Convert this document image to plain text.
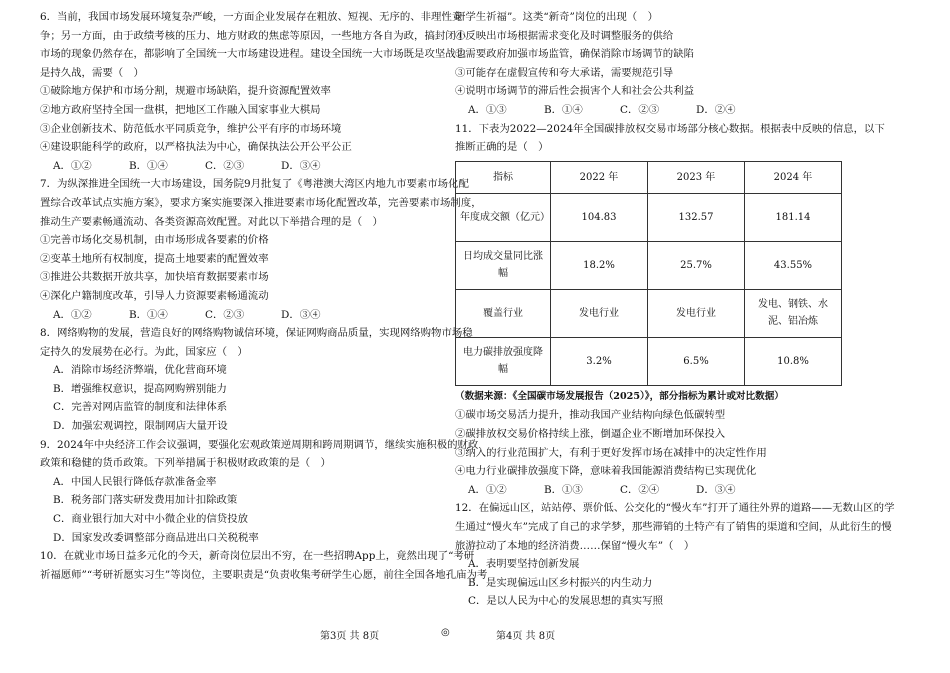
6．当前，我国市场发展环境复杂严峻，一方面企业发展存在粗放、短视、无序的、非理性竞

争；另一方面，由于政绩考核的压力、地方财政的焦虑等原因，一些地方各自为政，搞封闭小

市场的现象仍然存在，都影响了全国统一大市场建设进程。建设全国统一大市场既是攻坚战也

是持久战，需要（　）

①破除地方保护和市场分割，规避市场缺陷，提升资源配置效率

②地方政府坚持全国一盘棋，把地区工作融入国家事业大棋局

③企业创新技术、防范低水平同质竞争，维护公平有序的市场环境

④建设职能科学的政府，以严格执法为中心，确保执法公开公平公正

A．①②	B．①④	C．②③	D．③④

7．为纵深推进全国统一大市场建设，国务院9月批复了《粤港澳大湾区内地九市要素市场化配

置综合改革试点实施方案》，要求方案实施要深入推进要素市场化配置改革，完善要素市场制度，

推动生产要素畅通流动、各类资源高效配置。对此以下举措合理的是（　）

①完善市场化交易机制，由市场形成各要素的价格

②变革土地所有权制度，提高土地要素的配置效率

③推进公共数据开放共享，加快培育数据要素市场

④深化户籍制度改革，引导人力资源要素畅通流动

A．①②	B．①④	C．②③	D．③④

8．网络购物的发展，营造良好的网络购物诚信环境，保证网购商品质量，实现网络购物市场稳

定持久的发展势在必行。为此，国家应（　）

A．消除市场经济弊端，优化营商环境

B．增强维权意识，提高网购辨别能力

C．完善对网店监管的制度和法律体系

D．加强宏观调控，限制网店大量开设

9．2024年中央经济工作会议强调，要强化宏观政策逆周期和跨周期调节，继续实施积极的财政

政策和稳健的货币政策。下列举措属于积极财政政策的是（　）

A．中国人民银行降低存款准备金率

B．税务部门落实研发费用加计扣除政策

C．商业银行加大对中小微企业的信贷投放

D．国家发改委调整部分商品进出口关税税率

10．在就业市场日益多元化的今天，新奇岗位层出不穷，在一些招聘App上，竟然出现了“考研

祈福愿师”“考研祈愿实习生”等岗位，主要职责是“负责收集考研学生心愿，前往全国各地孔庙为考

研学生祈福”。这类“新奇”岗位的出现（　）

①反映出市场根据需求变化及时调整服务的供给

②需要政府加强市场监管，确保消除市场调节的缺陷

③可能存在虚假宣传和夸大承诺，需要规范引导

④说明市场调节的滞后性会损害个人和社会公共利益

A．①③	B．①④	C．②③	D．②④

11．下表为2022—2024年全国碳排放权交易市场部分核心数据。根据表中反映的信息，以下

推断正确的是（　）

指标	2022 年	2023 年	2024 年
年度成交额（亿元）	104.83	132.57	181.14
日均成交量同比涨幅	18.2%	25.7%	43.55%
覆盖行业	发电行业	发电行业	发电、钢铁、水泥、铝冶炼
电力碳排放强度降幅	3.2%	6.5%	10.8%

（数据来源：《全国碳市场发展报告（2025）》，部分指标为累计或对比数据）

①碳市场交易活力提升，推动我国产业结构向绿色低碳转型

②碳排放权交易价格持续上涨，倒逼企业不断增加环保投入

③纳入的行业范围扩大，有利于更好发挥市场在减排中的决定性作用

④电力行业碳排放强度下降，意味着我国能源消费结构已实现优化

A．①②	B．①③	C．②④	D．③④

12．在偏远山区，站站停、票价低、公交化的“慢火车”打开了通往外界的道路——无数山区的学

生通过“慢火车”完成了自己的求学梦，那些滞销的土特产有了销售的渠道和空间，从此衍生的慢

旅游拉动了本地的经济消费……保留“慢火车”（　）

A．表明要坚持创新发展

B．是实现偏远山区乡村振兴的内生动力

C．是以人民为中心的发展思想的真实写照

第3页 共 8页	◎	第4页 共 8页
